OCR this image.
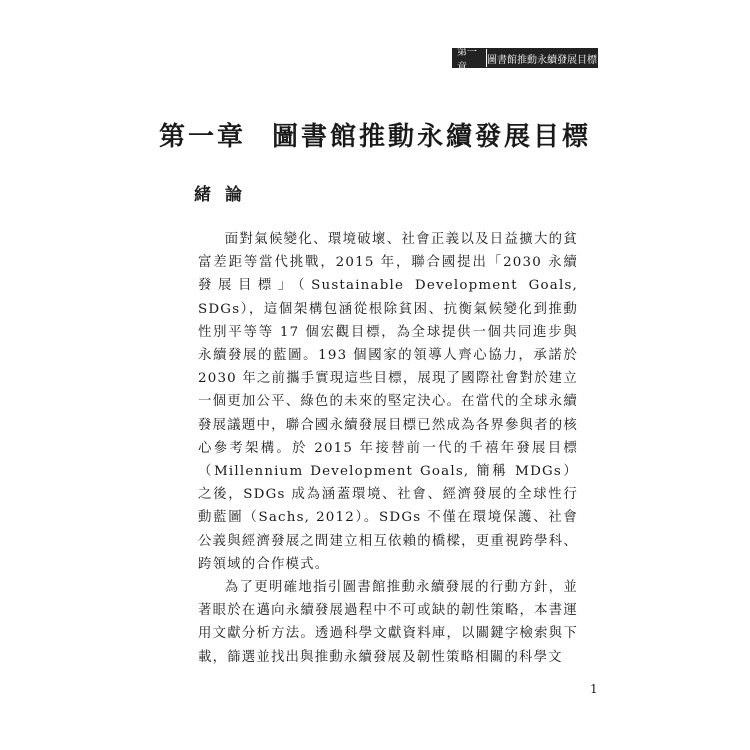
第一章
圖書館推動永續發展目標
第一章 圖書館推動永續發展目標
緒論

面對氣候變化、環境破壞、社會正義以及日益擴大的貧富差距等當代挑戰，2015 年，聯合國提出「2030 永續發展目標」（Sustainable Development Goals, SDGs），這個架構包涵從根除貧困、抗衡氣候變化到推動性別平等等 17 個宏觀目標，為全球提供一個共同進步與永續發展的藍圖。193 個國家的領導人齊心協力，承諾於 2030 年之前攜手實現這些目標，展現了國際社會對於建立一個更加公平、綠色的未來的堅定決心。在當代的全球永續發展議題中，聯合國永續發展目標已然成為各界參與者的核心參考架構。於 2015 年接替前一代的千禧年發展目標（Millennium Development Goals, 簡稱 MDGs）之後，SDGs 成為涵蓋環境、社會、經濟發展的全球性行動藍圖（Sachs, 2012）。SDGs 不僅在環境保護、社會公義與經濟發展之間建立相互依賴的橋樑，更重視跨學科、跨領域的合作模式。

為了更明確地指引圖書館推動永續發展的行動方針，並著眼於在邁向永續發展過程中不可或缺的韌性策略，本書運用文獻分析方法。透過科學文獻資料庫，以關鍵字檢索與下載，篩選並找出與推動永續發展及韌性策略相關的科學文

1
